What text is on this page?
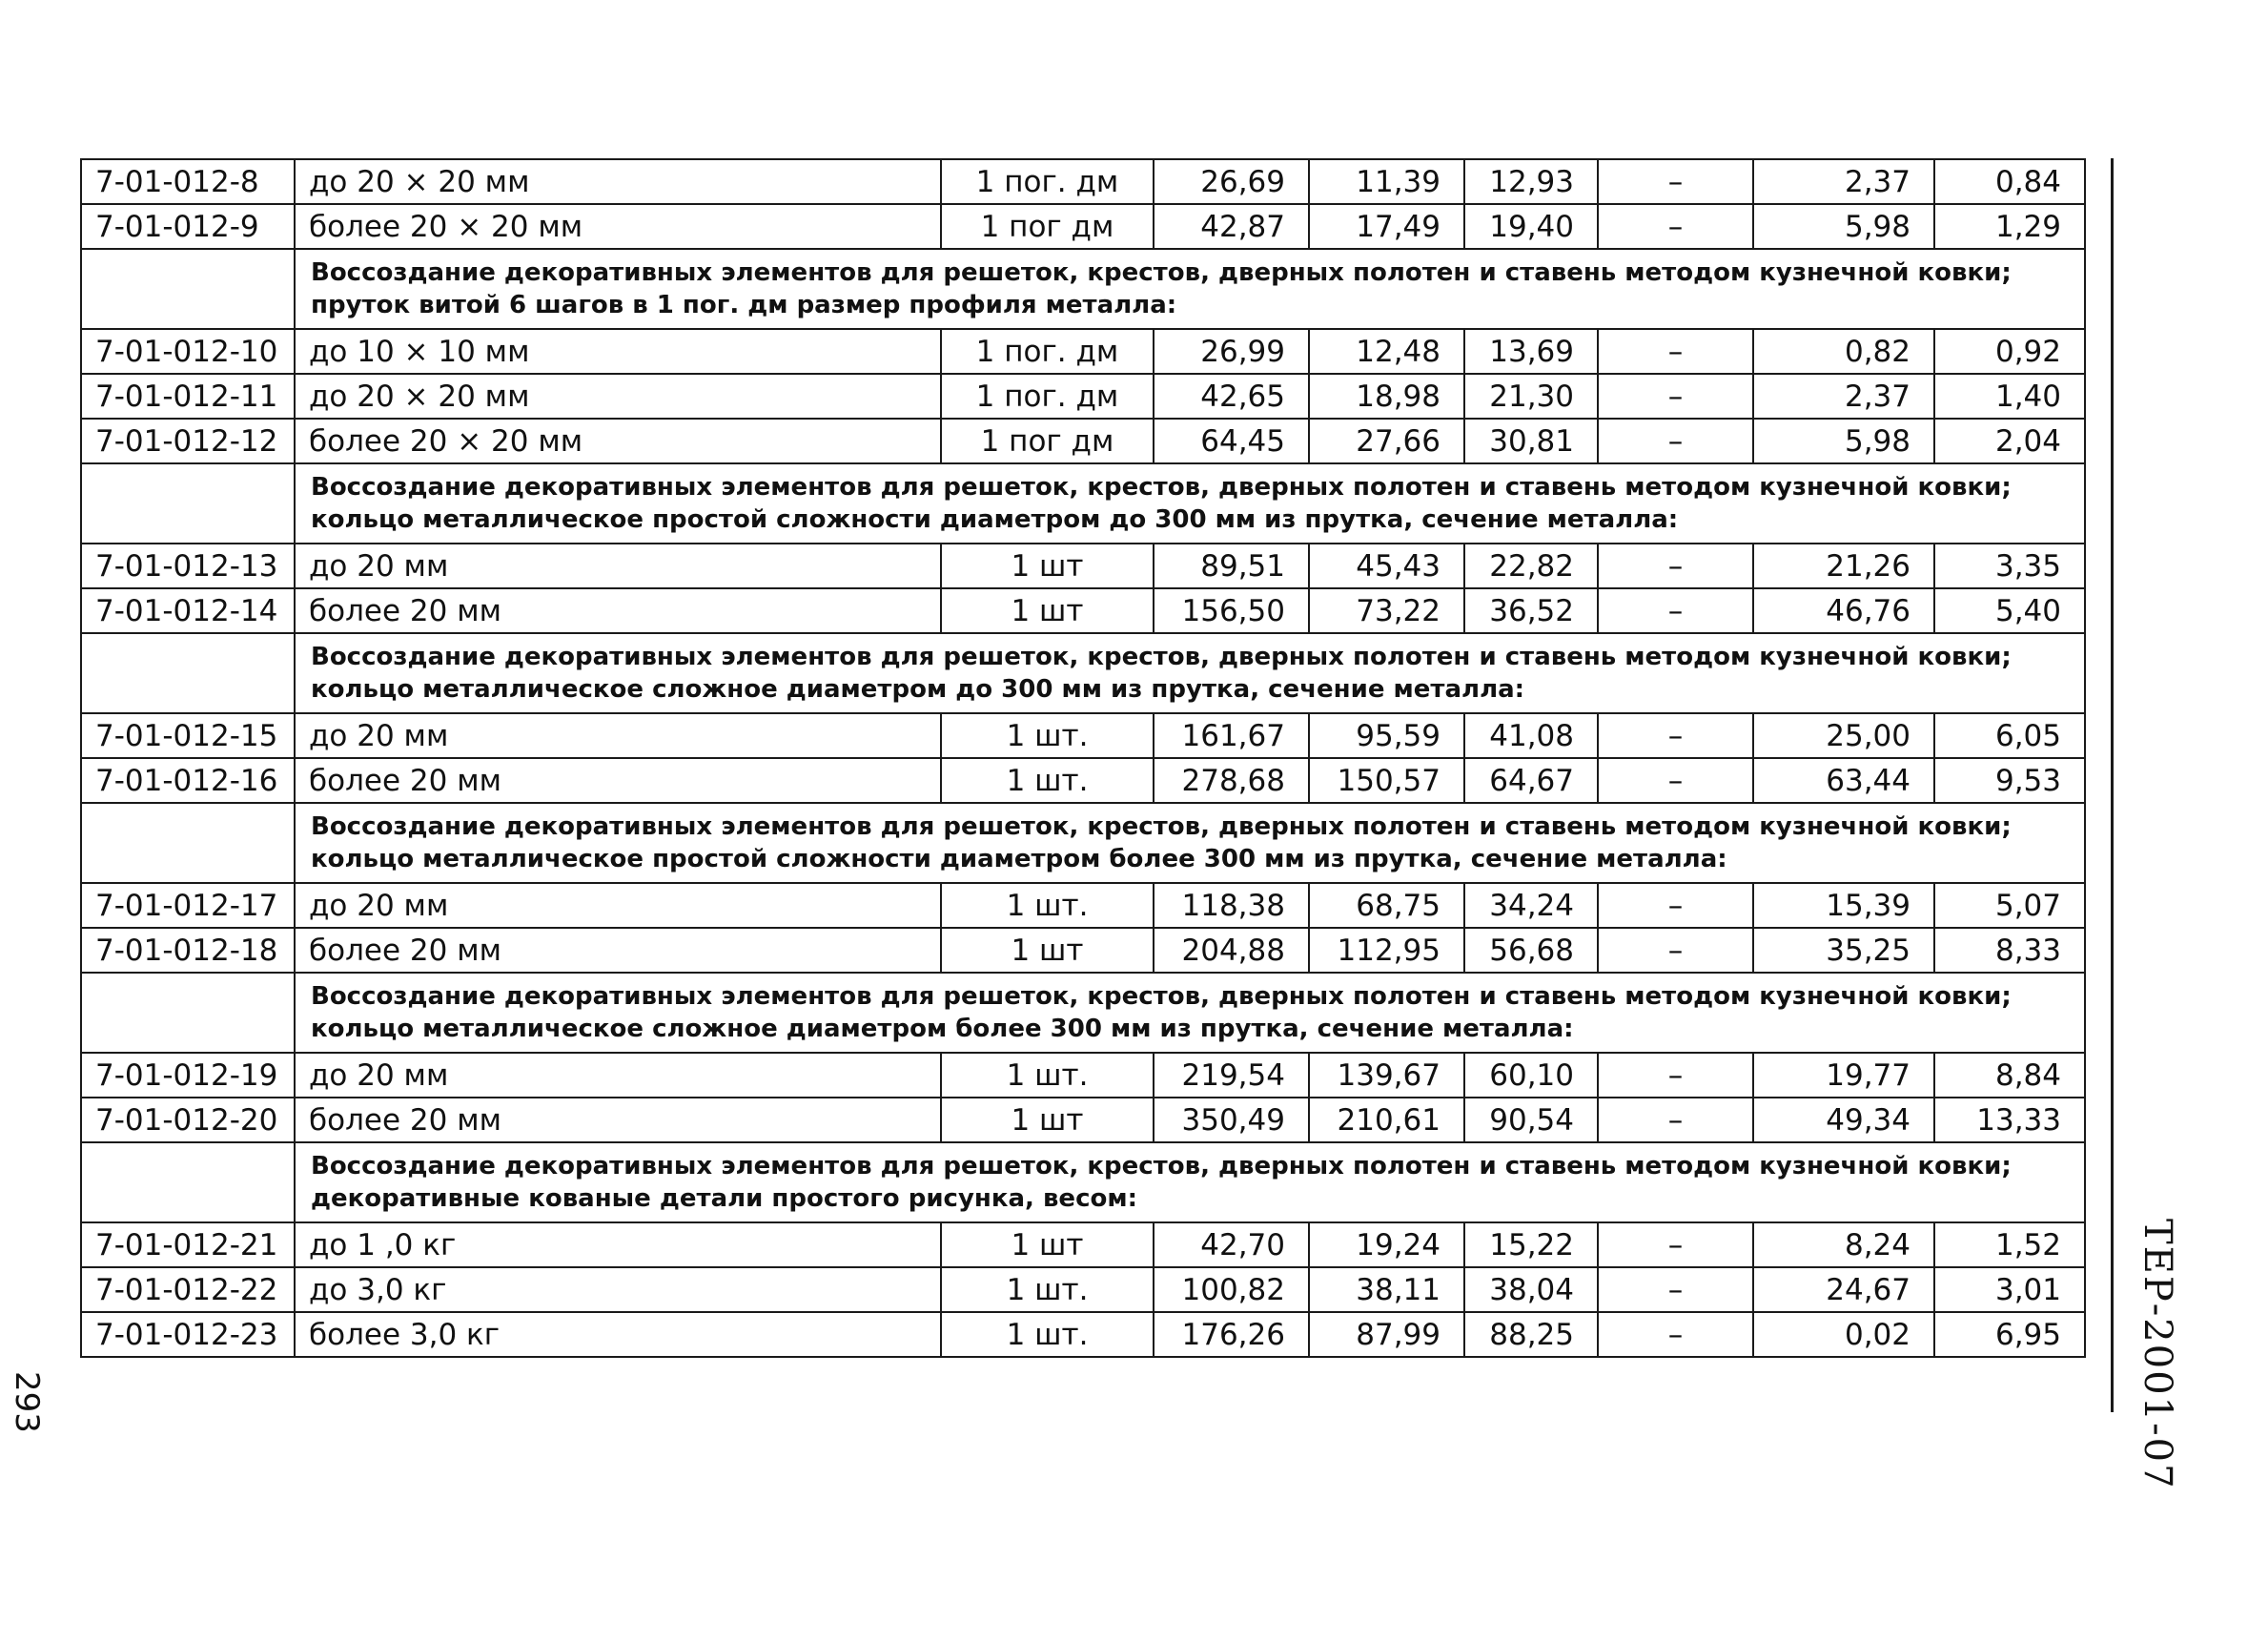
7-01-012-8	до 20 × 20 мм	1 пог. дм	26,69	11,39	12,93	–	2,37	0,84
7-01-012-9	более 20 × 20 мм	1 пог дм	42,87	17,49	19,40	–	5,98	1,29
	Воссоздание декоративных элементов для решеток, крестов, дверных полотен и ставень методом кузнечной ковки; пруток витой 6 шагов в 1 пог. дм размер профиля металла:							
7-01-012-10	до 10 × 10 мм	1 пог. дм	26,99	12,48	13,69	–	0,82	0,92
7-01-012-11	до 20 × 20 мм	1 пог. дм	42,65	18,98	21,30	–	2,37	1,40
7-01-012-12	более 20 × 20 мм	1 пог дм	64,45	27,66	30,81	–	5,98	2,04
	Воссоздание декоративных элементов для решеток, крестов, дверных полотен и ставень методом кузнечной ковки; кольцо металлическое простой сложности диаметром до 300 мм из прутка, сечение металла:							
7-01-012-13	до 20 мм	1 шт	89,51	45,43	22,82	–	21,26	3,35
7-01-012-14	более 20 мм	1 шт	156,50	73,22	36,52	–	46,76	5,40
	Воссоздание декоративных элементов для решеток, крестов, дверных полотен и ставень методом кузнечной ковки; кольцо металлическое сложное диаметром до 300 мм из прутка, сечение металла:							
7-01-012-15	до 20 мм	1 шт.	161,67	95,59	41,08	–	25,00	6,05
7-01-012-16	более 20 мм	1 шт.	278,68	150,57	64,67	–	63,44	9,53
	Воссоздание декоративных элементов для решеток, крестов, дверных полотен и ставень методом кузнечной ковки; кольцо металлическое простой сложности диаметром более 300 мм из прутка, сечение металла:							
7-01-012-17	до 20 мм	1 шт.	118,38	68,75	34,24	–	15,39	5,07
7-01-012-18	более 20 мм	1 шт	204,88	112,95	56,68	–	35,25	8,33
	Воссоздание декоративных элементов для решеток, крестов, дверных полотен и ставень методом кузнечной ковки; кольцо металлическое сложное диаметром более 300 мм из прутка, сечение металла:							
7-01-012-19	до 20 мм	1 шт.	219,54	139,67	60,10	–	19,77	8,84
7-01-012-20	более 20 мм	1 шт	350,49	210,61	90,54	–	49,34	13,33
	Воссоздание декоративных элементов для решеток, крестов, дверных полотен и ставень методом кузнечной ковки; декоративные кованые детали простого рисунка, весом:							
7-01-012-21	до 1 ,0 кг	1 шт	42,70	19,24	15,22	–	8,24	1,52
7-01-012-22	до 3,0 кг	1 шт.	100,82	38,11	38,04	–	24,67	3,01
7-01-012-23	более 3,0 кг	1 шт.	176,26	87,99	88,25	–	0,02	6,95 ТЕР-2001-07
293
